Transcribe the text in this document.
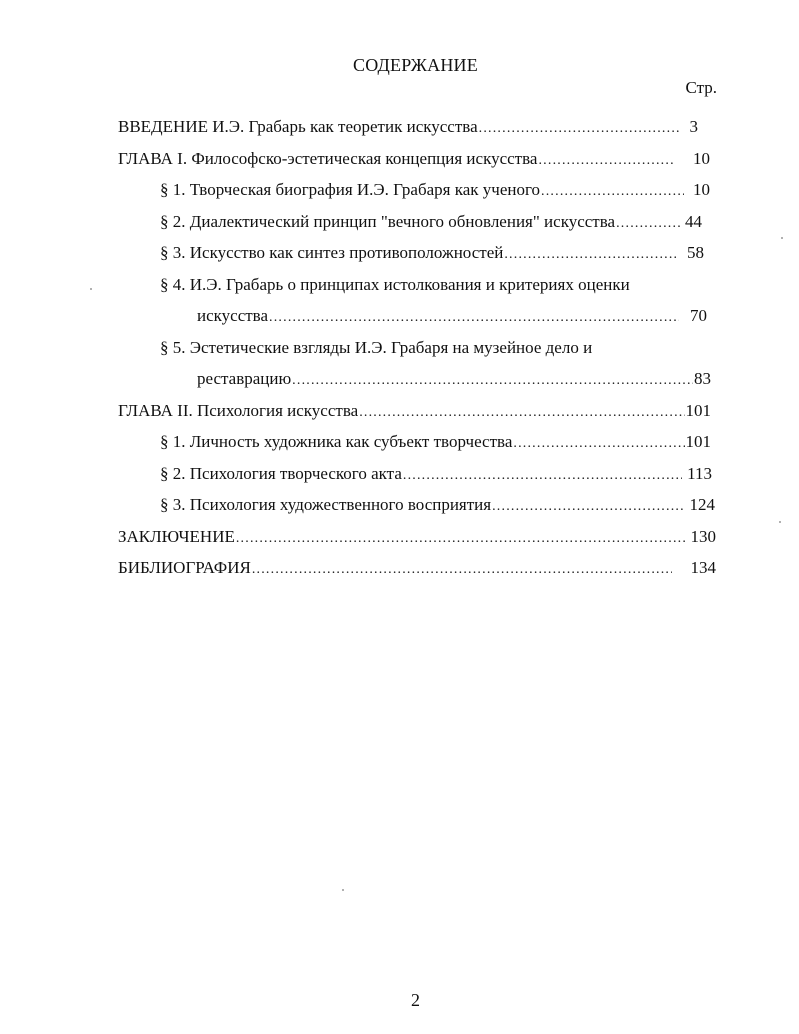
СОДЕРЖАНИЕ
Стр.
ВВЕДЕНИЕ И.Э. Грабарь как теоретик искусства .....	3
ГЛАВА I. Философско-эстетическая концепция искусства .....	10
§ 1. Творческая биография И.Э. Грабаря как ученого .....	10
§ 2. Диалектический принцип "вечного обновления" искусства .....	44
§ 3. Искусство как синтез противоположностей .....	58
§ 4. И.Э. Грабарь о принципах истолкования и критериях оценки
искусства .....	70
§ 5. Эстетические взгляды И.Э. Грабаря на музейное дело и
реставрацию .....	83
ГЛАВА II. Психология искусства .....	101
§ 1. Личность художника как субъект творчества .....	101
§ 2. Психология творческого акта .....	113
§ 3. Психология художественного восприятия .....	124
ЗАКЛЮЧЕНИЕ .....	130
БИБЛИОГРАФИЯ .....	134
2
